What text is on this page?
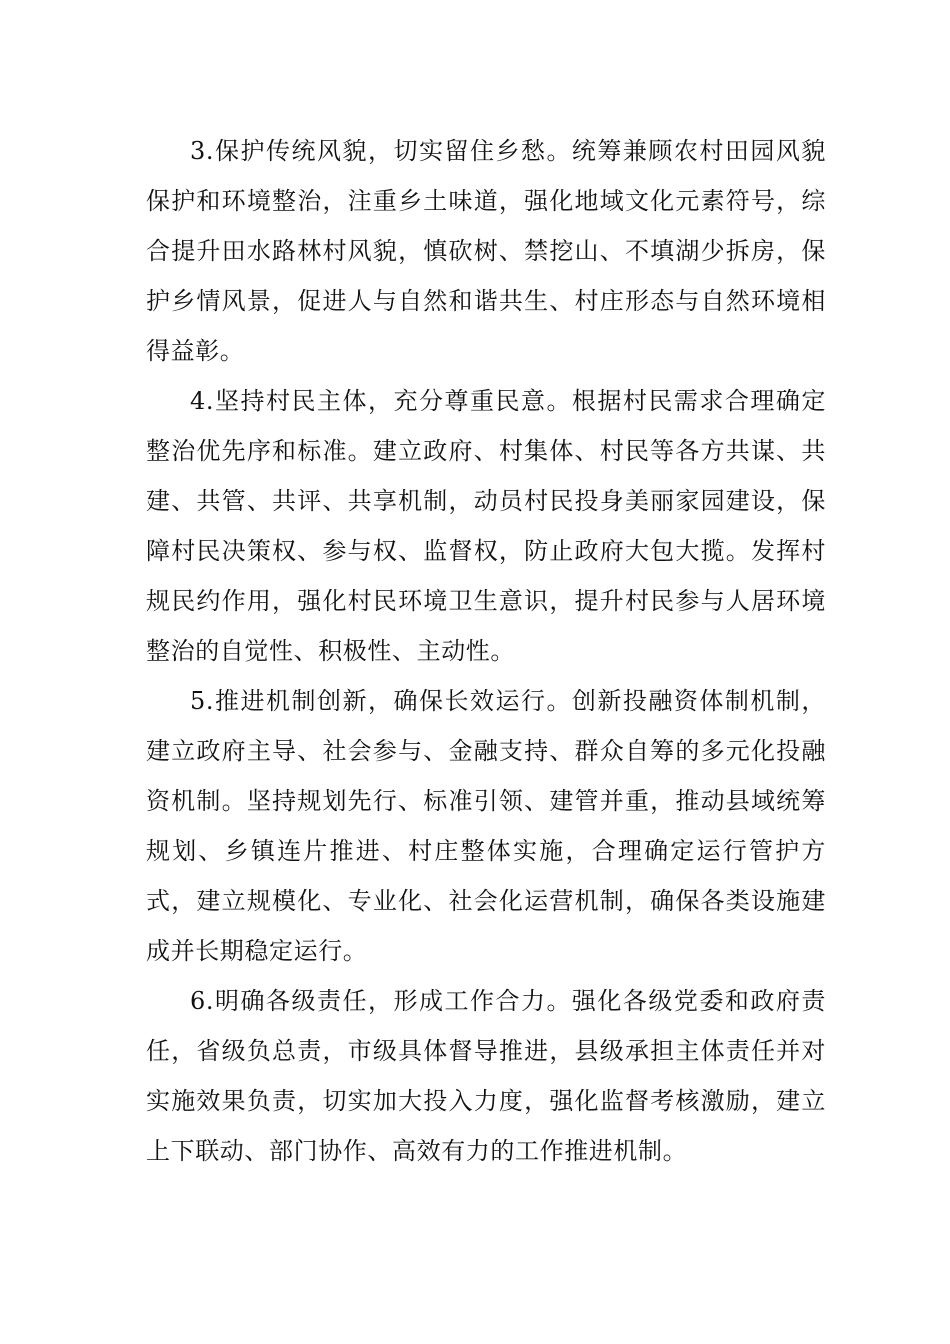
3.保护传统风貌，切实留住乡愁。统筹兼顾农村田园风貌保护和环境整治，注重乡土味道，强化地域文化元素符号，综合提升田水路林村风貌，慎砍树、禁挖山、不填湖少拆房，保护乡情风景，促进人与自然和谐共生、村庄形态与自然环境相得益彰。

4.坚持村民主体，充分尊重民意。根据村民需求合理确定整治优先序和标准。建立政府、村集体、村民等各方共谋、共建、共管、共评、共享机制，动员村民投身美丽家园建设，保障村民决策权、参与权、监督权，防止政府大包大揽。发挥村规民约作用，强化村民环境卫生意识，提升村民参与人居环境整治的自觉性、积极性、主动性。

5.推进机制创新，确保长效运行。创新投融资体制机制，建立政府主导、社会参与、金融支持、群众自筹的多元化投融资机制。坚持规划先行、标准引领、建管并重，推动县域统筹规划、乡镇连片推进、村庄整体实施，合理确定运行管护方式，建立规模化、专业化、社会化运营机制，确保各类设施建成并长期稳定运行。

6.明确各级责任，形成工作合力。强化各级党委和政府责任，省级负总责，市级具体督导推进，县级承担主体责任并对实施效果负责，切实加大投入力度，强化监督考核激励，建立上下联动、部门协作、高效有力的工作推进机制。
